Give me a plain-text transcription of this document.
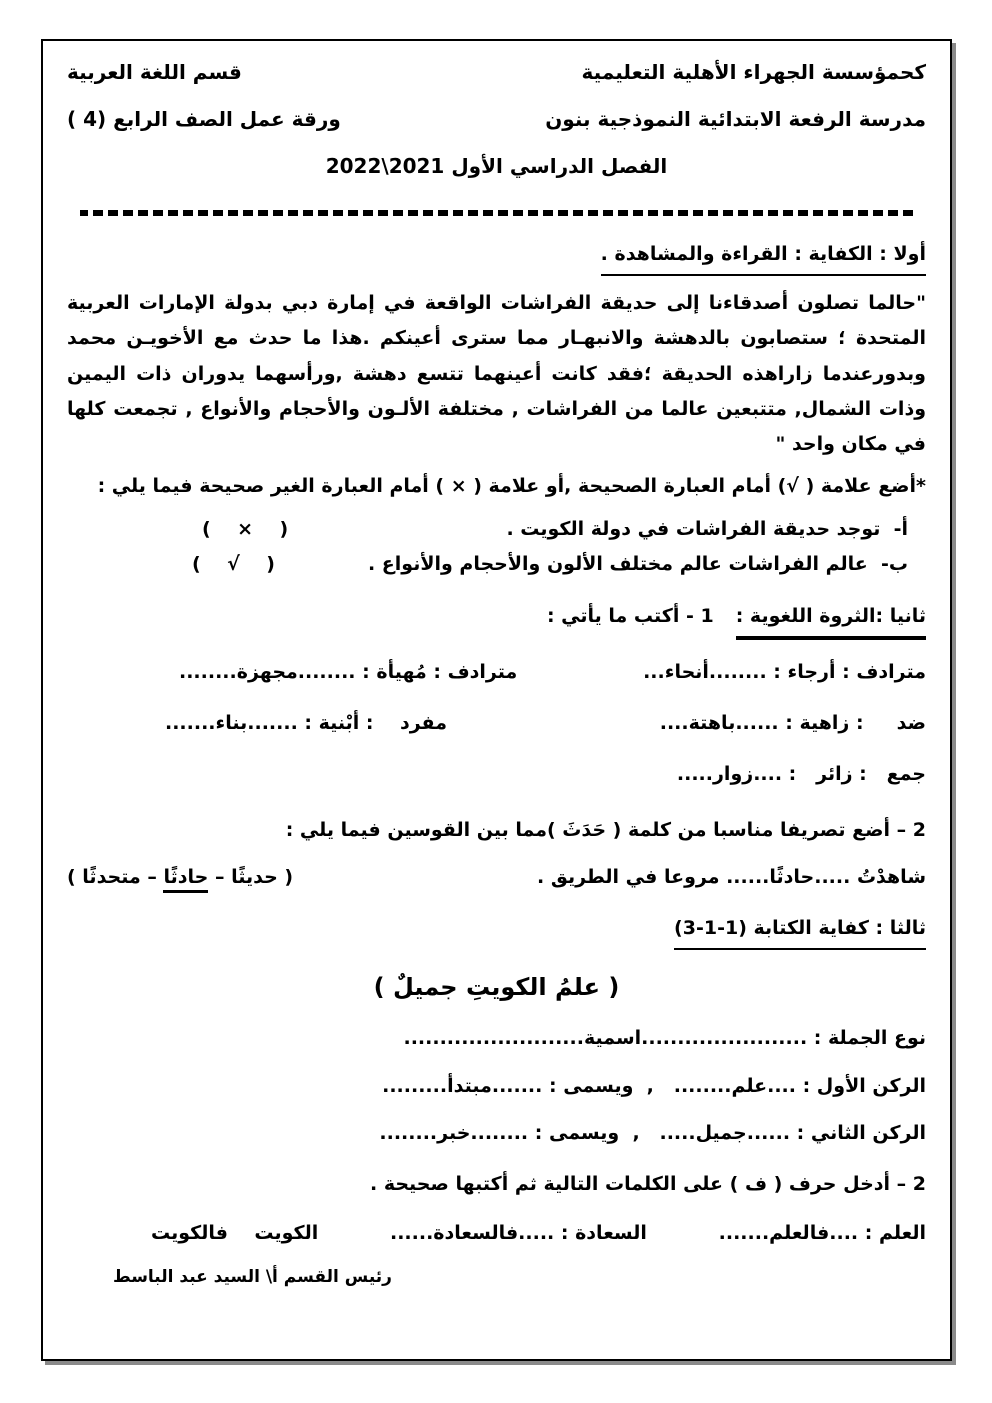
كحمؤسسة الجهراء الأهلية التعليمية
قسم اللغة العربية
مدرسة الرفعة الابتدائية النموذجية بنون
ورقة عمل الصف الرابع (4 )
الفصل الدراسي الأول 2021\2022
أولا : الكفاية : القراءة والمشاهدة .
"حالما تصلون أصدقاءنا إلى حديقة الفراشات الواقعة في إمارة دبي بدولة الإمارات العربية المتحدة ؛ ستصابون بالدهشة والانبهـار مما سترى أعينكم .هذا ما حدث مع الأخويـن محمد وبدورعندما زاراهذه الحديقة ؛فقد كانت أعينهما تتسع دهشة ,ورأسهما يدوران ذات اليمين وذات الشمال, متتبعين عالما من الفراشات , مختلفة الألـون والأحجام والأنواع , تجمعت كلها في مكان واحد "
*أضع علامة ( √) أمام العبارة الصحيحة ,أو علامة ( × ) أمام العبارة الغير صحيحة فيما يلي :
أ-  توجد حديقة الفراشات في دولة الكويت .
(    ×    )
ب-  عالم الفراشات عالم مختلف الألون والأحجام والأنواع .
(    √    )
ثانيا :الثروة اللغوية :
1 - أكتب ما يأتي :
مترادف : أرجاء : ........أنحاء...
مترادف : مُهيأة : ........مجهزة........
ضد     : زاهية : ......باهتة....
مفرد    : أبْنية : .......بناء.......
جمع   : زائر   : ....زوار.....
2 – أضع تصريفا مناسبا من كلمة ( حَدَثَ )مما بين القوسين فيما يلي :
شاهدْتُ .....حادثًا...... مروعا في الطريق .
( حديثًا – حادثًا – متحدثًا )
ثالثا : كفاية الكتابة (1-1-3)
( علمُ الكويتِ جميلٌ )
نوع الجملة : .......................اسمية.........................
الركن الأول : ....علم........   ,  ويسمى : .......مبتدأ.........
الركن الثاني : ......جميل.....   ,  ويسمى : ........خبر........
2 – أدخل حرف ( ف ) على الكلمات التالية ثم أكتبها صحيحة .
العلم : ....فالعلم.......
السعادة : .....فالسعادة......
الكويت    فالكويت
رئيس القسم أ\ السيد عبد الباسط
